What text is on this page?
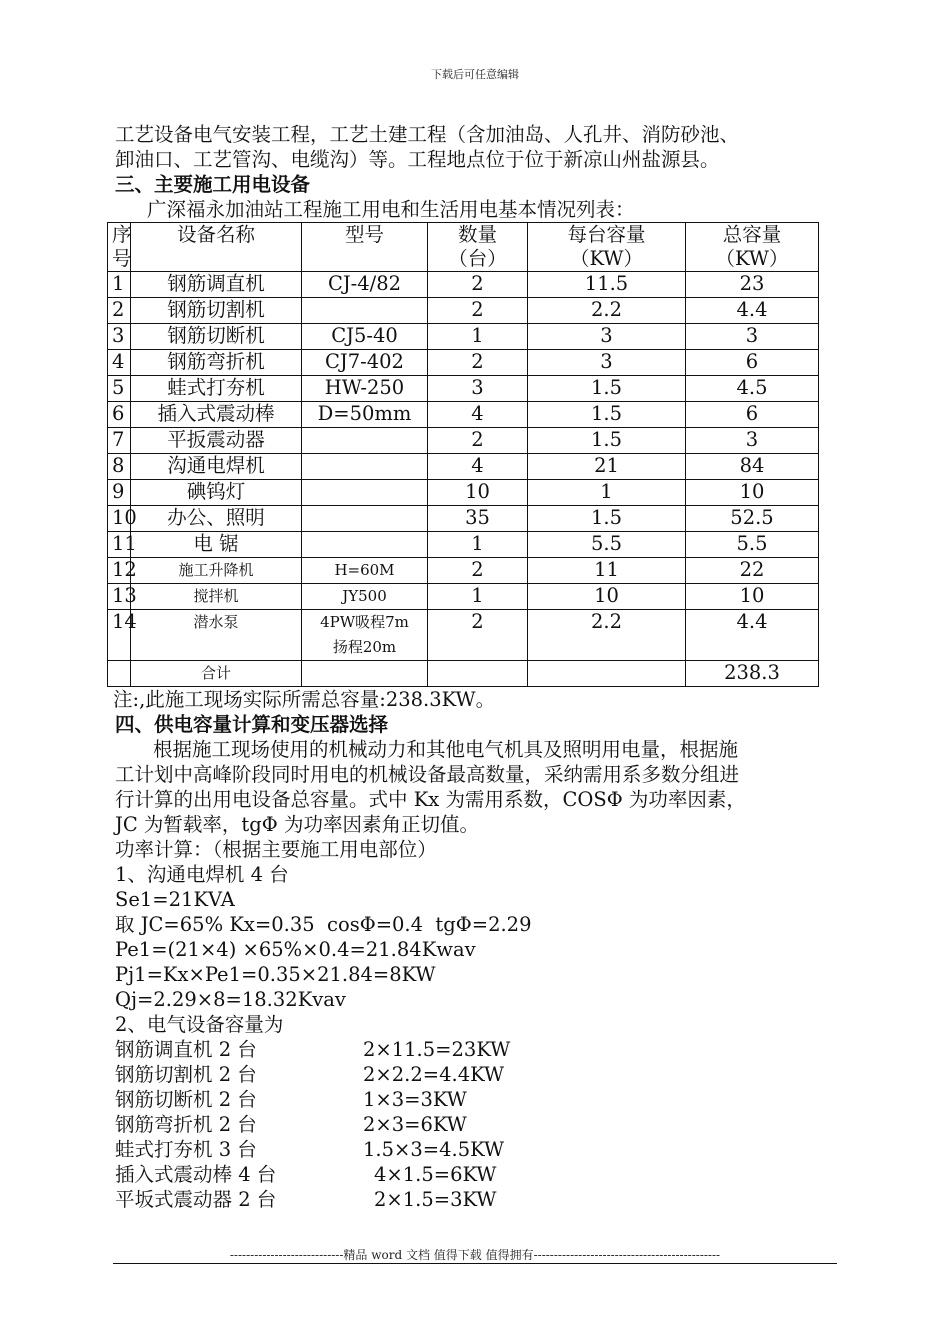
下载后可任意编辑

工艺设备电气安装工程，工艺土建工程（含加油岛、人孔井、消防砂池、

卸油口、工艺管沟、电缆沟）等。工程地点位于位于新凉山州盐源县。

三、主要施工用电设备

广深福永加油站工程施工用电和生活用电基本情况列表：

序
号	设备名称	型号	数量
（台）	每台容量
（KW）	总容量
（KW）
1	钢筋调直机	CJ-4/82	2	11.5	23
2	钢筋切割机		2	2.2	4.4
3	钢筋切断机	CJ5-40	1	3	3
4	钢筋弯折机	CJ7-402	2	3	6
5	蛙式打夯机	HW-250	3	1.5	4.5
6	插入式震动棒	D=50mm	4	1.5	6
7	平扳震动器		2	1.5	3
8	沟通电焊机		4	21	84
9	碘钨灯		10	1	10
10	办公、照明		35	1.5	52.5
11	电 锯		1	5.5	5.5
12	施工升降机	H=60M	2	11	22
13	搅拌机	JY500	1	10	10
14	潜水泵	4PW吸程7m
扬程20m	2	2.2	4.4
	合计				238.3

注:,此施工现场实际所需总容量:238.3KW。

四、供电容量计算和变压器选择

根据施工现场使用的机械动力和其他电气机具及照明用电量，根据施

工计划中高峰阶段同时用电的机械设备最高数量，采纳需用系多数分组进

行计算的出用电设备总容量。式中 Kx 为需用系数，COSΦ 为功率因素，

JC 为暂载率，tgΦ 为功率因素角正切值。

功率计算：（根据主要施工用电部位）

1、沟通电焊机 4 台

Se1=21KVA

取 JC=65% Kx=0.35  cosΦ=0.4  tgΦ=2.29

Pe1=(21×4) ×65%×0.4=21.84Kwav

Pj1=Kx×Pe1=0.35×21.84=8KW

Qj=2.29×8=18.32Kvav

2、电气设备容量为

钢筋调直机 2 台	2×11.5=23KW
钢筋切割机 2 台	2×2.2=4.4KW
钢筋切断机 2 台	1×3=3KW
钢筋弯折机 2 台	2×3=6KW
蛙式打夯机 3 台	1.5×3=4.5KW
插入式震动棒 4 台	4×1.5=6KW
平坂式震动器 2 台	2×1.5=3KW
----------------------------精品 word 文档 值得下载 值得拥有----------------------------------------------
